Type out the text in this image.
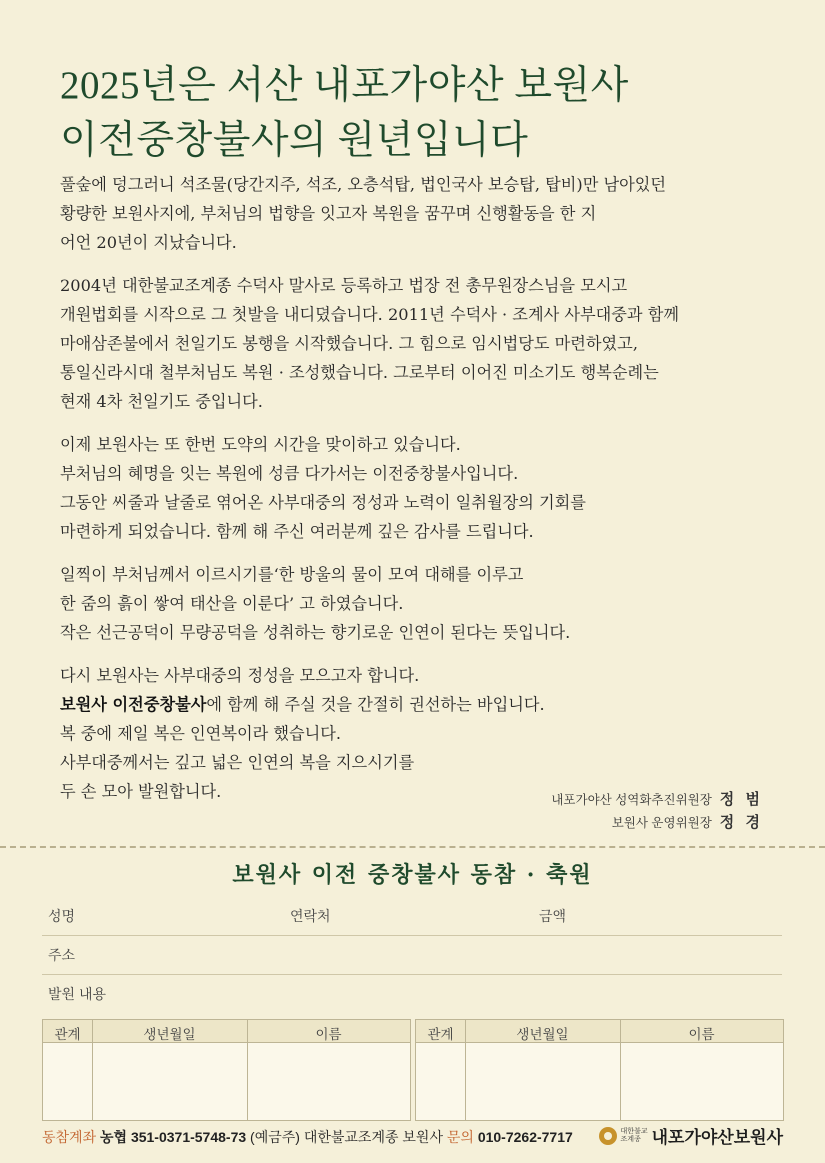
2025년은 서산 내포가야산 보원사
이전중창불사의 원년입니다

풀숲에 덩그러니 석조물(당간지주, 석조, 오층석탑, 법인국사 보승탑, 탑비)만 남아있던
황량한 보원사지에, 부처님의 법향을 잇고자 복원을 꿈꾸며 신행활동을 한 지
어언 20년이 지났습니다.

2004년 대한불교조계종 수덕사 말사로 등록하고 법장 전 총무원장스님을 모시고
개원법회를 시작으로 그 첫발을 내디뎠습니다. 2011년 수덕사 · 조계사 사부대중과 함께
마애삼존불에서 천일기도 봉행을 시작했습니다. 그 힘으로 임시법당도 마련하였고,
통일신라시대 철부처님도 복원 · 조성했습니다. 그로부터 이어진 미소기도 행복순례는
현재 4차 천일기도 중입니다.

이제 보원사는 또 한번 도약의 시간을 맞이하고 있습니다.
부처님의 혜명을 잇는 복원에 성큼 다가서는 이전중창불사입니다.
그동안 씨줄과 날줄로 엮어온 사부대중의 정성과 노력이 일취월장의 기회를
마련하게 되었습니다. 함께 해 주신 여러분께 깊은 감사를 드립니다.

일찍이 부처님께서 이르시기를‘한 방울의 물이 모여 대해를 이루고
한 줌의 흙이 쌓여 태산을 이룬다’ 고 하였습니다.
작은 선근공덕이 무량공덕을 성취하는 향기로운 인연이 된다는 뜻입니다.

다시 보원사는 사부대중의 정성을 모으고자 합니다.
보원사 이전중창불사에 함께 해 주실 것을 간절히 권선하는 바입니다.
복 중에 제일 복은 인연복이라 했습니다.
사부대중께서는 깊고 넓은 인연의 복을 지으시기를
두 손 모아 발원합니다.	내포가야산 성역화추진위원장 정 범
보원사 운영위원장 정 경
보원사 이전 중창불사 동참 · 축원
성명	연락처	금액
주소
발원 내용
관계	생년월일	이름	관계	생년월일	이름
동참계좌 농협 351-0371-5748-73 (예금주) 대한불교조계종 보원사 문의 010-7262-7717	대한불교
조계종 내포가야산보원사
